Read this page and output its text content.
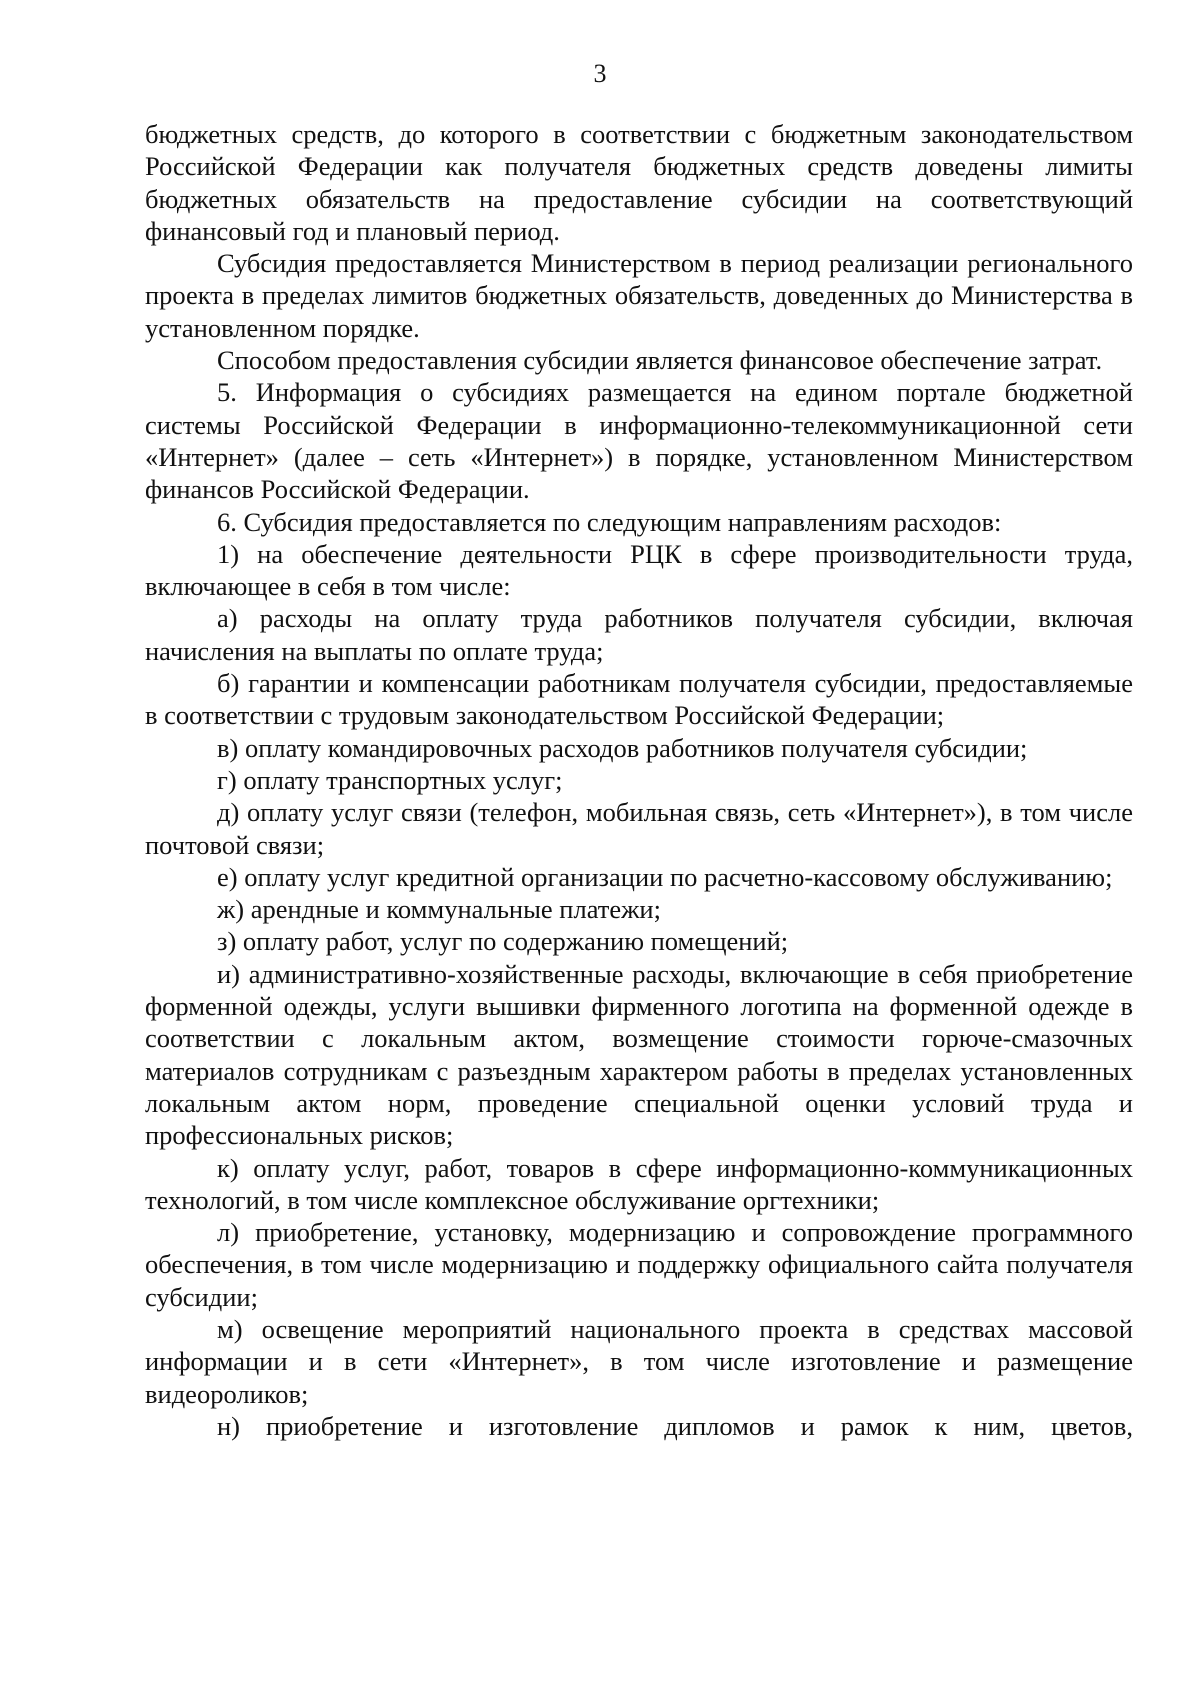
3

бюджетных средств, до которого в соответствии с бюджетным законодательством Российской Федерации как получателя бюджетных средств доведены лимиты бюджетных обязательств на предоставление субсидии на соответствующий финансовый год и плановый период.

Субсидия предоставляется Министерством в период реализации регионального проекта в пределах лимитов бюджетных обязательств, доведенных до Министерства в установленном порядке.

Способом предоставления субсидии является финансовое обеспечение затрат.

5. Информация о субсидиях размещается на едином портале бюджетной системы Российской Федерации в информационно-телекоммуникационной сети «Интернет» (далее – сеть «Интернет») в порядке, установленном Министерством финансов Российской Федерации.

6. Субсидия предоставляется по следующим направлениям расходов:

1) на обеспечение деятельности РЦК в сфере производительности труда, включающее в себя в том числе:

а) расходы на оплату труда работников получателя субсидии, включая начисления на выплаты по оплате труда;

б) гарантии и компенсации работникам получателя субсидии, предоставляемые в соответствии с трудовым законодательством Российской Федерации;

в) оплату командировочных расходов работников получателя субсидии;

г) оплату транспортных услуг;

д) оплату услуг связи (телефон, мобильная связь, сеть «Интернет»), в том числе почтовой связи;

е) оплату услуг кредитной организации по расчетно-кассовому обслуживанию;

ж) арендные и коммунальные платежи;

з) оплату работ, услуг по содержанию помещений;

и) административно-хозяйственные расходы, включающие в себя приобретение форменной одежды, услуги вышивки фирменного логотипа на форменной одежде в соответствии с локальным актом, возмещение стоимости горюче-смазочных материалов сотрудникам с разъездным характером работы в пределах установленных локальным актом норм, проведение специальной оценки условий труда и профессиональных рисков;

к) оплату услуг, работ, товаров в сфере информационно-коммуникационных технологий, в том числе комплексное обслуживание оргтехники;

л) приобретение, установку, модернизацию и сопровождение программного обеспечения, в том числе модернизацию и поддержку официального сайта получателя субсидии;

м) освещение мероприятий национального проекта в средствах массовой информации и в сети «Интернет», в том числе изготовление и размещение видеороликов;

н) приобретение и изготовление дипломов и рамок к ним, цветов,
